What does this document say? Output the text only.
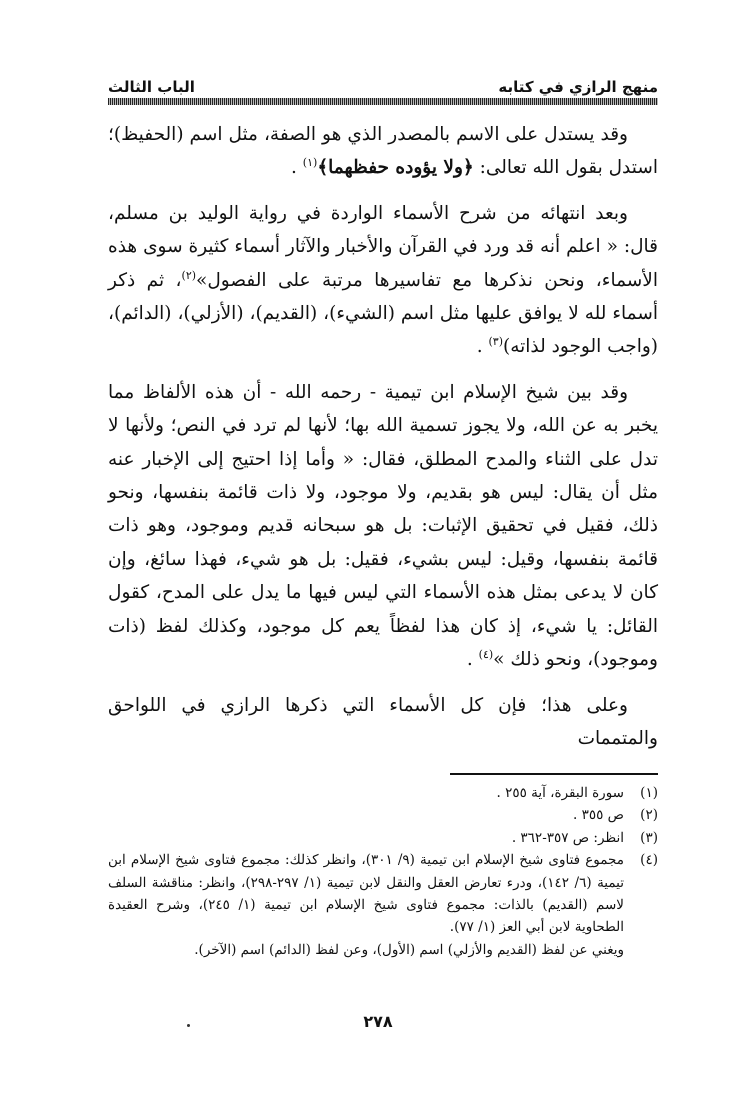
منهج الرازي في كتابه
الباب الثالث

وقد يستدل على الاسم بالمصدر الذي هو الصفة، مثل اسم (الحفيظ)؛ استدل بقول الله تعالى: ﴿ولا يؤوده حفظهما﴾$^{(١)}$ .

وبعد انتهائه من شرح الأسماء الواردة في رواية الوليد بن مسلم، قال: « اعلم أنه قد ورد في القرآن والأخبار والآثار أسماء كثيرة سوى هذه الأسماء، ونحن نذكرها مع تفاسيرها مرتبة على الفصول»$^{(٢)}$، ثم ذكر أسماء لله لا يوافق عليها مثل اسم (الشيء)، (القديم)، (الأزلي)، (الدائم)، (واجب الوجود لذاته)$^{(٣)}$ .

وقد بين شيخ الإسلام ابن تيمية - رحمه الله - أن هذه الألفاظ مما يخبر به عن الله، ولا يجوز تسمية الله بها؛ لأنها لم ترد في النص؛ ولأنها لا تدل على الثناء والمدح المطلق، فقال: « وأما إذا احتيج إلى الإخبار عنه مثل أن يقال: ليس هو بقديم، ولا موجود، ولا ذات قائمة بنفسها، ونحو ذلك، فقيل في تحقيق الإثبات: بل هو سبحانه قديم وموجود، وهو ذات قائمة بنفسها، وقيل: ليس بشيء، فقيل: بل هو شيء، فهذا سائغ، وإن كان لا يدعى بمثل هذه الأسماء التي ليس فيها ما يدل على المدح، كقول القائل: يا شيء، إذ كان هذا لفظاً يعم كل موجود، وكذلك لفظ (ذات وموجود)، ونحو ذلك »$^{(٤)}$ .

وعلى هذا؛ فإن كل الأسماء التي ذكرها الرازي في اللواحق والمتممات

(١)
سورة البقرة، آية ٢٥٥ .
(٢)
ص ٣٥٥ .
(٣)
انظر: ص ٣٥٧-٣٦٢ .
(٤)
مجموع فتاوى شيخ الإسلام ابن تيمية (٩/ ٣٠١)، وانظر كذلك: مجموع فتاوى شيخ الإسلام ابن تيمية (٦/ ١٤٢)، ودرء تعارض العقل والنقل لابن تيمية (١/ ٢٩٧-٢٩٨)، وانظر: مناقشة السلف لاسم (القديم) بالذات: مجموع فتاوى شيخ الإسلام ابن تيمية (١/ ٢٤٥)، وشرح العقيدة الطحاوية لابن أبي العز (١/ ٧٧).
ويغني عن لفظ (القديم والأزلي) اسم (الأول)، وعن لفظ (الدائم) اسم (الآخر).
٢٧٨
